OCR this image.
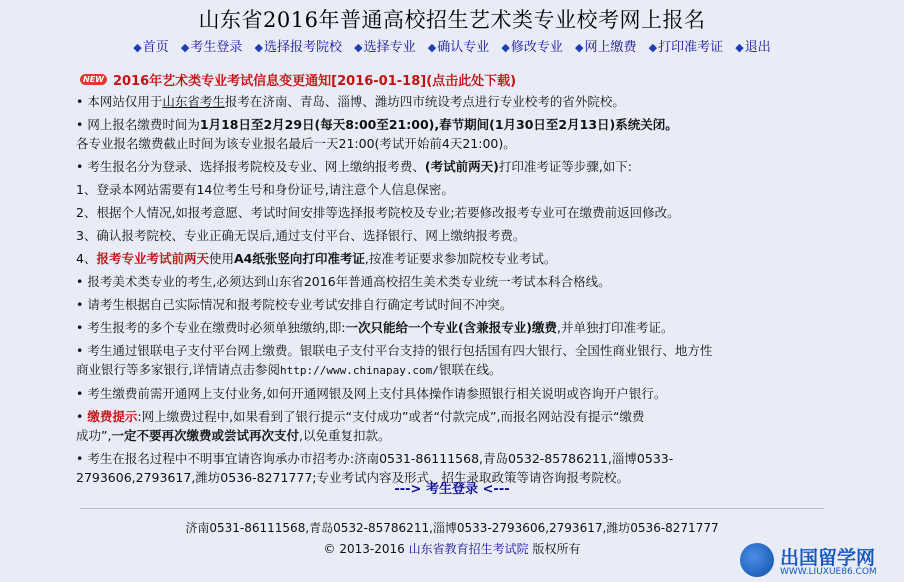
山东省2016年普通高校招生艺术类专业校考网上报名
◆首页 ◆考生登录 ◆选择报考院校 ◆选择专业 ◆确认专业 ◆修改专业 ◆网上缴费 ◆打印准考证 ◆退出
NEW 2016年艺术类专业考试信息变更通知[2016-01-18](点击此处下载)
• 本网站仅用于山东省考生报考在济南、青岛、淄博、潍坊四市统设考点进行专业校考的省外院校。
• 网上报名缴费时间为1月18日至2月29日(每天8:00至21:00),春节期间(1月30日至2月13日)系统关闭。
各专业报名缴费截止时间为该专业报名最后一天21:00(考试开始前4天21:00)。
• 考生报名分为登录、选择报考院校及专业、网上缴纳报考费、(考试前两天)打印准考证等步骤,如下:
1、登录本网站需要有14位考生号和身份证号,请注意个人信息保密。
2、根据个人情况,如报考意愿、考试时间安排等选择报考院校及专业;若要修改报考专业可在缴费前返回修改。
3、确认报考院校、专业正确无误后,通过支付平台、选择银行、网上缴纳报考费。
4、报考专业考试前两天使用A4纸张竖向打印准考证,按准考证要求参加院校专业考试。
• 报考美术类专业的考生,必须达到山东省2016年普通高校招生美术类专业统一考试本科合格线。
• 请考生根据自己实际情况和报考院校专业考试安排自行确定考试时间不冲突。
• 考生报考的多个专业在缴费时必须单独缴纳,即:一次只能给一个专业(含兼报专业)缴费,并单独打印准考证。
• 考生通过银联电子支付平台网上缴费。银联电子支付平台支持的银行包括国有四大银行、全国性商业银行、地方性
商业银行等多家银行,详情请点击参阅http://www.chinapay.com/银联在线。
• 考生缴费前需开通网上支付业务,如何开通网银及网上支付具体操作请参照银行相关说明或咨询开户银行。
• 缴费提示:网上缴费过程中,如果看到了银行提示“支付成功”或者“付款完成”,而报名网站没有提示“缴费
成功”,一定不要再次缴费或尝试再次支付,以免重复扣款。
• 考生在报名过程中不明事宜请咨询承办市招考办:济南0531-86111568,青岛0532-85786211,淄博0533-
2793606,2793617,潍坊0536-8271777;专业考试内容及形式、招生录取政策等请咨询报考院校。
---> 考生登录 <---
济南0531-86111568,青岛0532-85786211,淄博0533-2793606,2793617,潍坊0536-8271777
© 2013-2016 山东省教育招生考试院 版权所有	出国留学网
WWW.LIUXUE86.COM
